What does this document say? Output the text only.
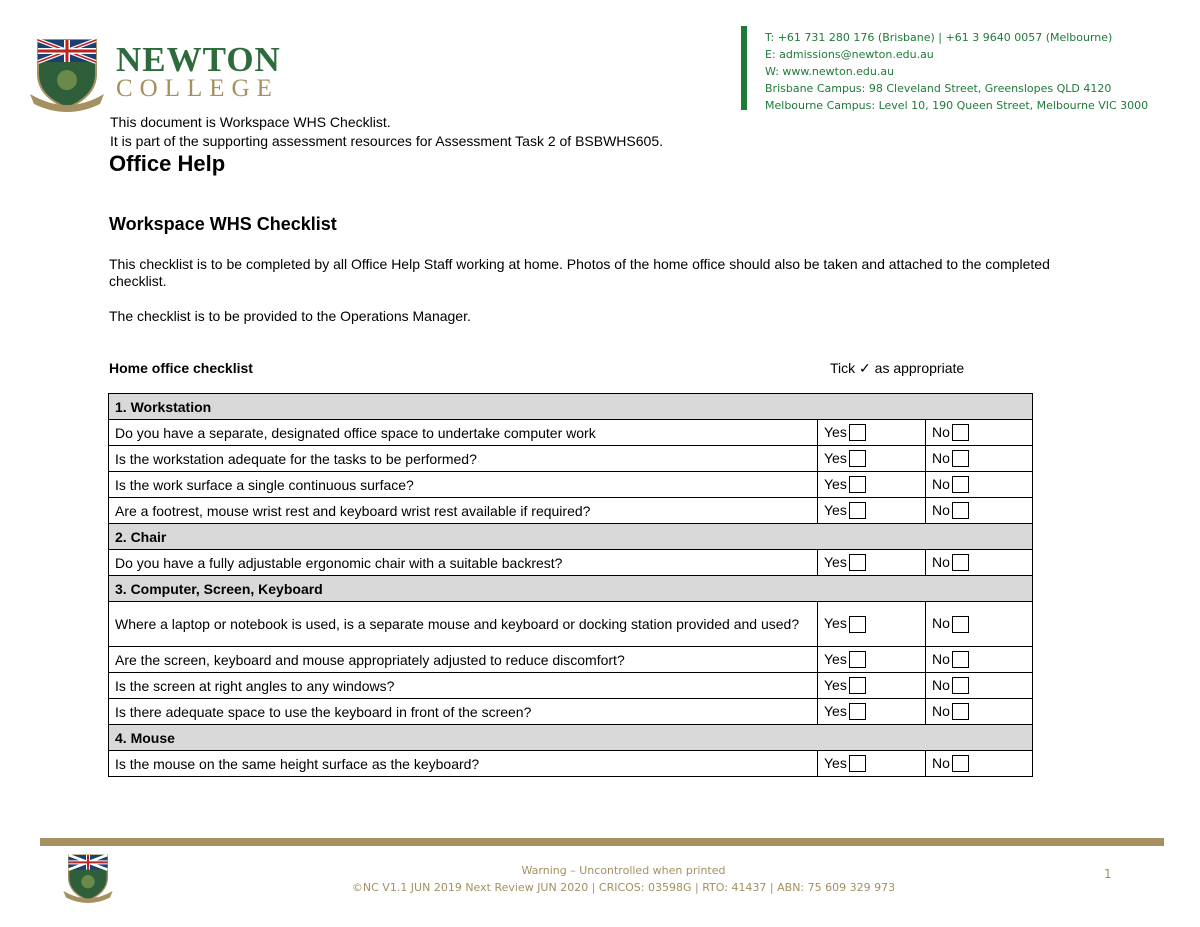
NEWTON
COLLEGE
T: +61 731 280 176 (Brisbane) | +61 3 9640 0057 (Melbourne)
E: admissions@newton.edu.au
W: www.newton.edu.au
Brisbane Campus: 98 Cleveland Street, Greenslopes QLD 4120
Melbourne Campus: Level 10, 190 Queen Street, Melbourne VIC 3000
This document is Workspace WHS Checklist.
It is part of the supporting assessment resources for Assessment Task 2 of BSBWHS605.
Office Help
Workspace WHS Checklist
This checklist is to be completed by all Office Help Staff working at home. Photos of the home office should also be taken and attached to the completed checklist.
The checklist is to be provided to the Operations Manager.
Home office checklist	Tick ✓ as appropriate
1. Workstation		
Do you have a separate, designated office space to undertake computer work	Yes	No
Is the workstation adequate for the tasks to be performed?	Yes	No
Is the work surface a single continuous surface?	Yes	No
Are a footrest, mouse wrist rest and keyboard wrist rest available if required?	Yes	No
2. Chair		
Do you have a fully adjustable ergonomic chair with a suitable backrest?	Yes	No
3. Computer, Screen, Keyboard		
Where a laptop or notebook is used, is a separate mouse and keyboard or docking station provided and used?	Yes	No
Are the screen, keyboard and mouse appropriately adjusted to reduce discomfort?	Yes	No
Is the screen at right angles to any windows?	Yes	No
Is there adequate space to use the keyboard in front of the screen?	Yes	No
4. Mouse		
Is the mouse on the same height surface as the keyboard?	Yes	No
Warning – Uncontrolled when printed
©NC V1.1 JUN 2019 Next Review JUN 2020 | CRICOS: 03598G | RTO: 41437 | ABN: 75 609 329 973
1
